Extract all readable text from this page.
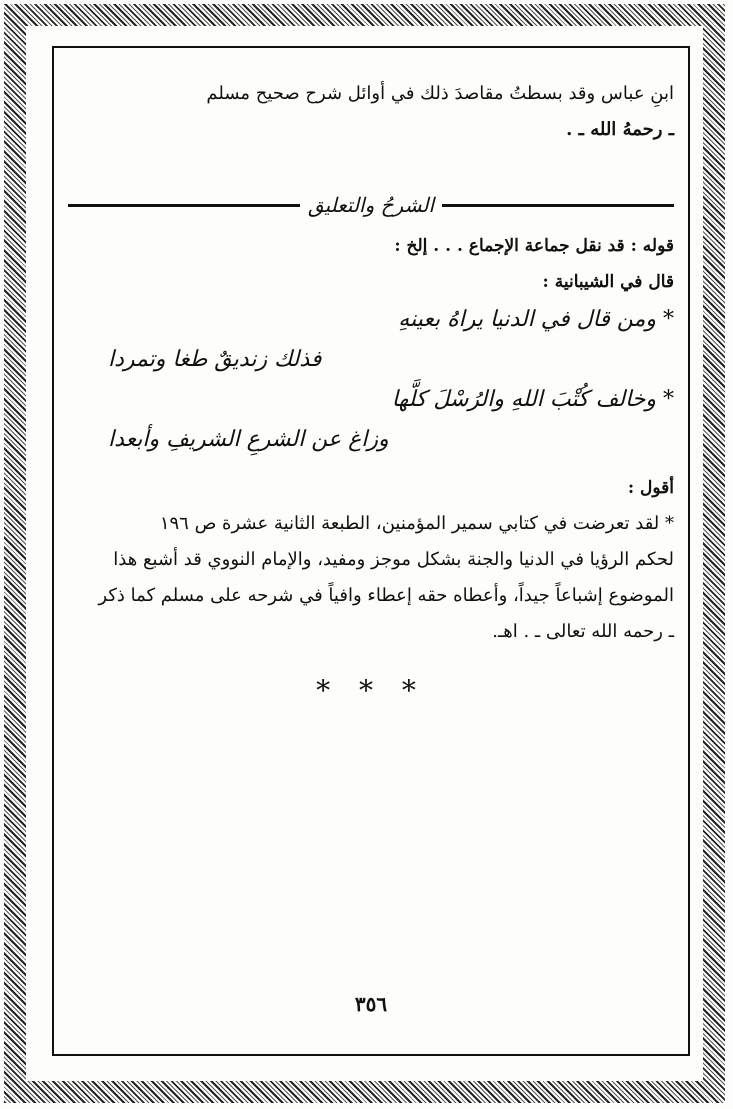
ابنِ عباس وقد بسطتُ مقاصدَ ذلك في أوائل شرح صحيح مسلم

ـ رحمهُ الله ـ .

الشرحُ والتعليق

قوله : قد نقل جماعة الإجماع . . . إلخ :

قال في الشيبانية :

* ومن قال في الدنيا يراهُ بعينهِ

فذلك زنديقٌ طغا وتمردا

* وخالف كُتْبَ اللهِ والرُسْلَ كلَّها

وزاغ عن الشرعِ الشريفِ وأبعدا

أقول :

* لقد تعرضت في كتابي سمير المؤمنين، الطبعة الثانية عشرة ص ١٩٦

لحكم الرؤيا في الدنيا والجنة بشكل موجز ومفيد، والإمام النووي قد أشبع هذا

الموضوع إشباعاً جيداً، وأعطاه حقه إعطاء وافياً في شرحه على مسلم كما ذكر

ـ رحمه الله تعالى ـ . اهـ.

* * *
٣٥٦
